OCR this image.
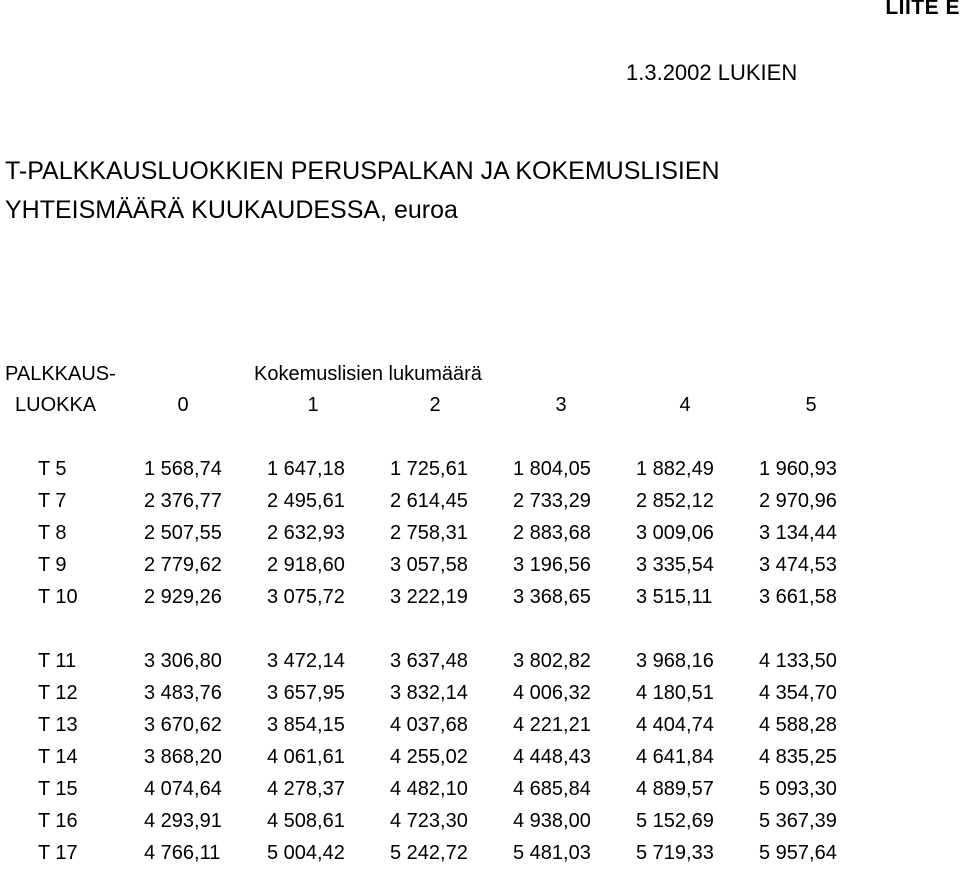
LIITE E
1.3.2002 LUKIEN
T-PALKKAUSLUOKKIEN PERUSPALKAN JA KOKEMUSLISIEN
YHTEISMÄÄRÄ KUUKAUDESSA, euroa
PALKKAUS-	Kokemuslisien lukumäärä
LUOKKA	0	1	2	3	4	5
T 5	1 568,74	1 647,18	1 725,61	1 804,05	1 882,49	1 960,93
T 7	2 376,77	2 495,61	2 614,45	2 733,29	2 852,12	2 970,96
T 8	2 507,55	2 632,93	2 758,31	2 883,68	3 009,06	3 134,44
T 9	2 779,62	2 918,60	3 057,58	3 196,56	3 335,54	3 474,53
T 10	2 929,26	3 075,72	3 222,19	3 368,65	3 515,11	3 661,58

T 11	3 306,80	3 472,14	3 637,48	3 802,82	3 968,16	4 133,50
T 12	3 483,76	3 657,95	3 832,14	4 006,32	4 180,51	4 354,70
T 13	3 670,62	3 854,15	4 037,68	4 221,21	4 404,74	4 588,28
T 14	3 868,20	4 061,61	4 255,02	4 448,43	4 641,84	4 835,25
T 15	4 074,64	4 278,37	4 482,10	4 685,84	4 889,57	5 093,30
T 16	4 293,91	4 508,61	4 723,30	4 938,00	5 152,69	5 367,39
T 17	4 766,11	5 004,42	5 242,72	5 481,03	5 719,33	5 957,64
